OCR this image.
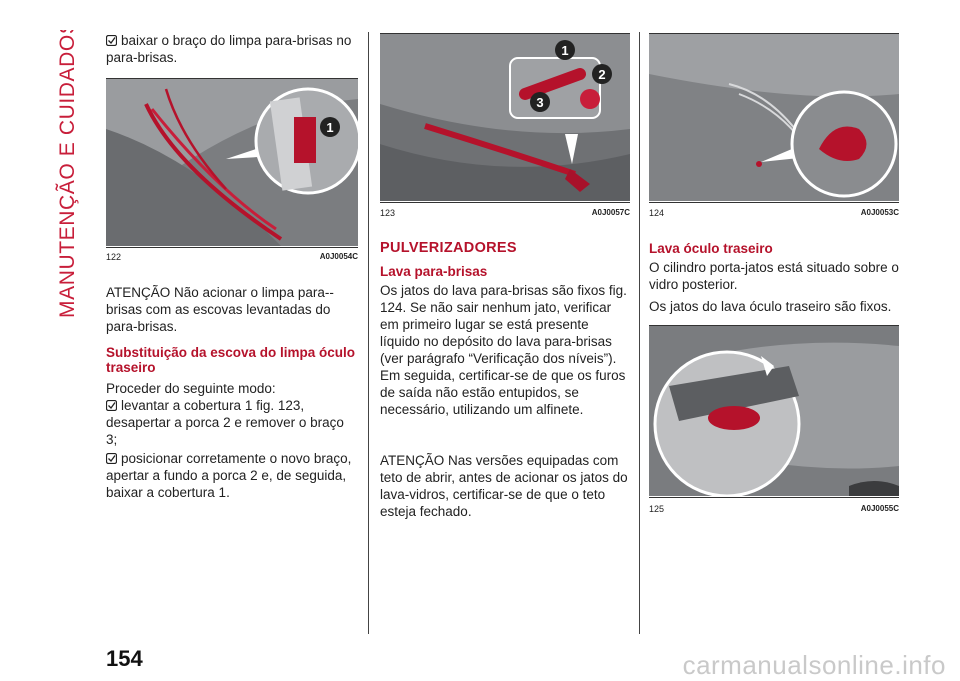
MANUTENÇÃO E CUIDADOS	baixar o braço do limpa para-brisas no para-brisas.
1
122	A0J0054C

ATENÇÃO Não acionar o limpa para--brisas com as escovas levantadas do para-brisas.

Substituição da escova do limpa óculo traseiro

Proceder do seguinte modo:

levantar a cobertura 1 fig. 123, desapertar a porca 2 e remover o braço 3;
posicionar corretamente o novo braço, apertar a fundo a porca 2 e, de seguida, baixar a cobertura 1.
1
2
3
123	A0J0057C
PULVERIZADORES
Lava para-brisas

Os jatos do lava para-brisas são fixos fig. 124. Se não sair nenhum jato, verificar em primeiro lugar se está presente líquido no depósito do lava para-brisas (ver parágrafo “Verificação dos níveis”). Em seguida, certificar-se de que os furos de saída não estão entupidos, se necessário, utilizando um alfinete.

ATENÇÃO Nas versões equipadas com teto de abrir, antes de acionar os jatos do lava-vidros, certificar-se de que o teto esteja fechado.

124	A0J0053C
Lava óculo traseiro

O cilindro porta-jatos está situado sobre o vidro posterior.

Os jatos do lava óculo traseiro são fixos.

125	A0J0055C
154	carmanualsonline.info
